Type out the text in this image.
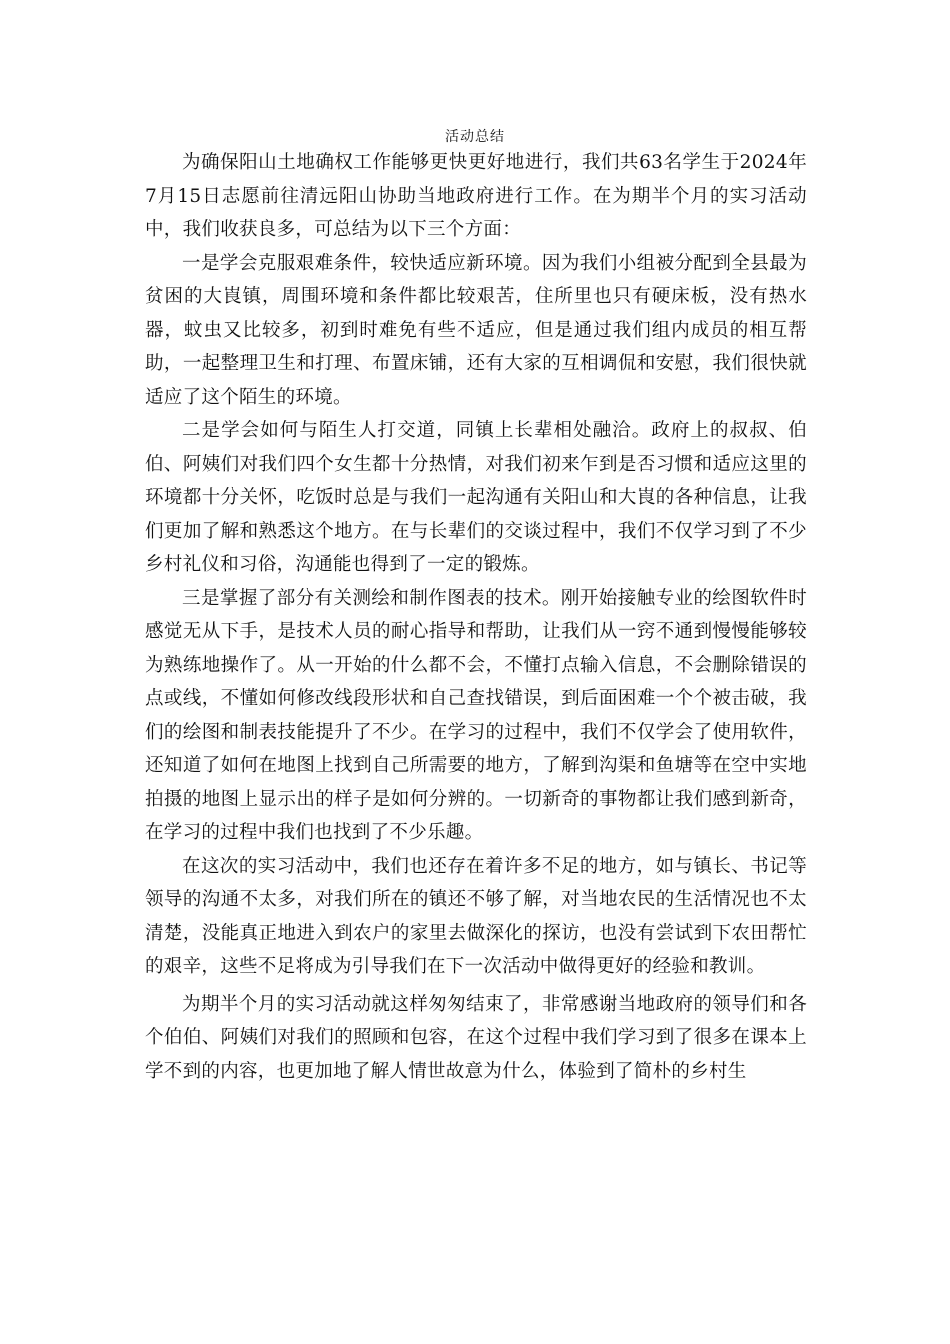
活动总结

为确保阳山土地确权工作能够更快更好地进行，我们共63名学生于2024年7月15日志愿前往清远阳山协助当地政府进行工作。在为期半个月的实习活动中，我们收获良多，可总结为以下三个方面：

一是学会克服艰难条件，较快适应新环境。因为我们小组被分配到全县最为贫困的大崀镇，周围环境和条件都比较艰苦，住所里也只有硬床板，没有热水器，蚊虫又比较多，初到时难免有些不适应，但是通过我们组内成员的相互帮助，一起整理卫生和打理、布置床铺，还有大家的互相调侃和安慰，我们很快就适应了这个陌生的环境。

二是学会如何与陌生人打交道，同镇上长辈相处融洽。政府上的叔叔、伯伯、阿姨们对我们四个女生都十分热情，对我们初来乍到是否习惯和适应这里的环境都十分关怀，吃饭时总是与我们一起沟通有关阳山和大崀的各种信息，让我们更加了解和熟悉这个地方。在与长辈们的交谈过程中，我们不仅学习到了不少乡村礼仪和习俗，沟通能也得到了一定的锻炼。

三是掌握了部分有关测绘和制作图表的技术。刚开始接触专业的绘图软件时感觉无从下手，是技术人员的耐心指导和帮助，让我们从一窍不通到慢慢能够较为熟练地操作了。从一开始的什么都不会，不懂打点输入信息，不会删除错误的点或线，不懂如何修改线段形状和自己查找错误，到后面困难一个个被击破，我们的绘图和制表技能提升了不少。在学习的过程中，我们不仅学会了使用软件，还知道了如何在地图上找到自己所需要的地方，了解到沟渠和鱼塘等在空中实地拍摄的地图上显示出的样子是如何分辨的。一切新奇的事物都让我们感到新奇，在学习的过程中我们也找到了不少乐趣。

在这次的实习活动中，我们也还存在着许多不足的地方，如与镇长、书记等领导的沟通不太多，对我们所在的镇还不够了解，对当地农民的生活情况也不太清楚，没能真正地进入到农户的家里去做深化的探访，也没有尝试到下农田帮忙的艰辛，这些不足将成为引导我们在下一次活动中做得更好的经验和教训。

为期半个月的实习活动就这样匆匆结束了，非常感谢当地政府的领导们和各个伯伯、阿姨们对我们的照顾和包容，在这个过程中我们学习到了很多在课本上学不到的内容，也更加地了解人情世故意为什么，体验到了简朴的乡村生
